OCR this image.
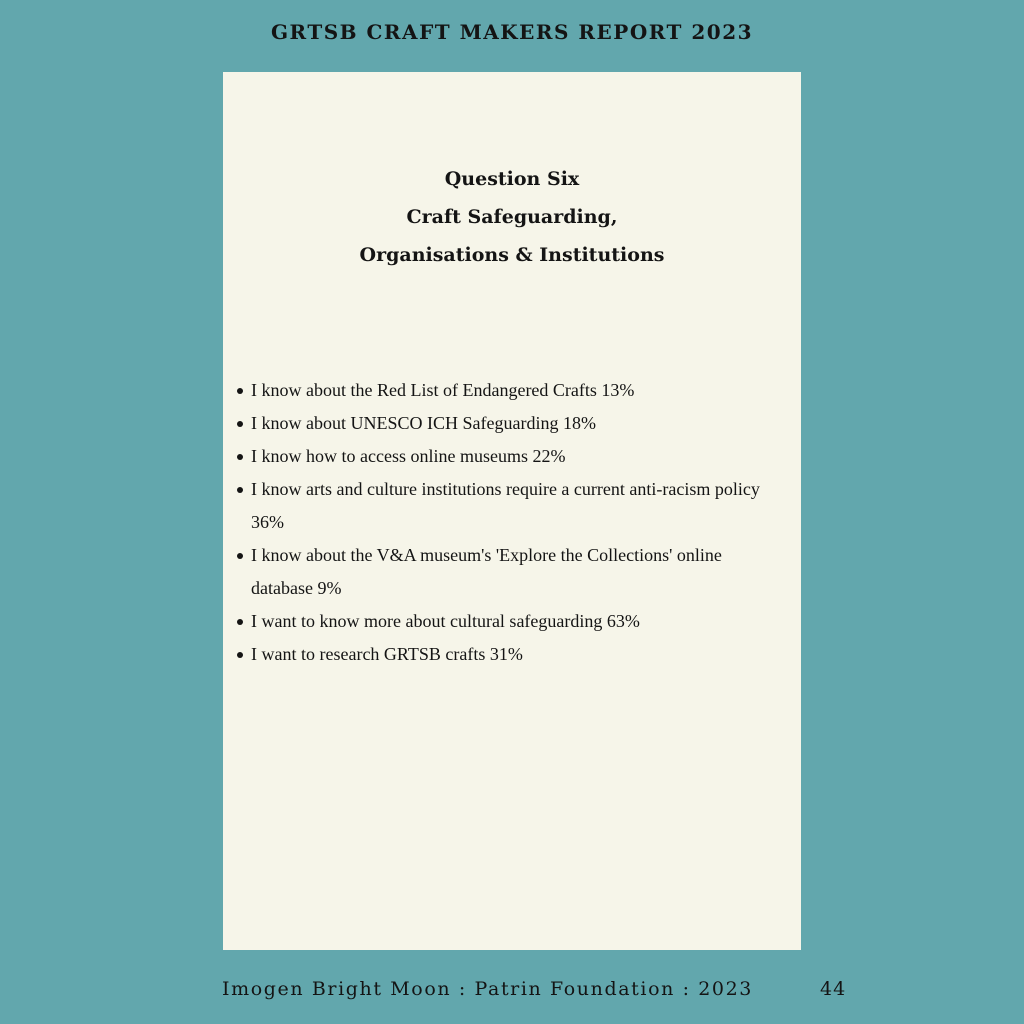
GRTSB CRAFT MAKERS REPORT 2023
Question Six
Craft Safeguarding,
Organisations & Institutions
I know about the Red List of Endangered Crafts 13%
I know about UNESCO ICH Safeguarding 18%
I know how to access online museums 22%
I know arts and culture institutions require a current anti-racism policy 36%
I know about the V&A museum's 'Explore the Collections' online database 9%
I want to know more about cultural safeguarding 63%
I want to research GRTSB crafts 31%
Imogen Bright Moon : Patrin Foundation : 2023	44
